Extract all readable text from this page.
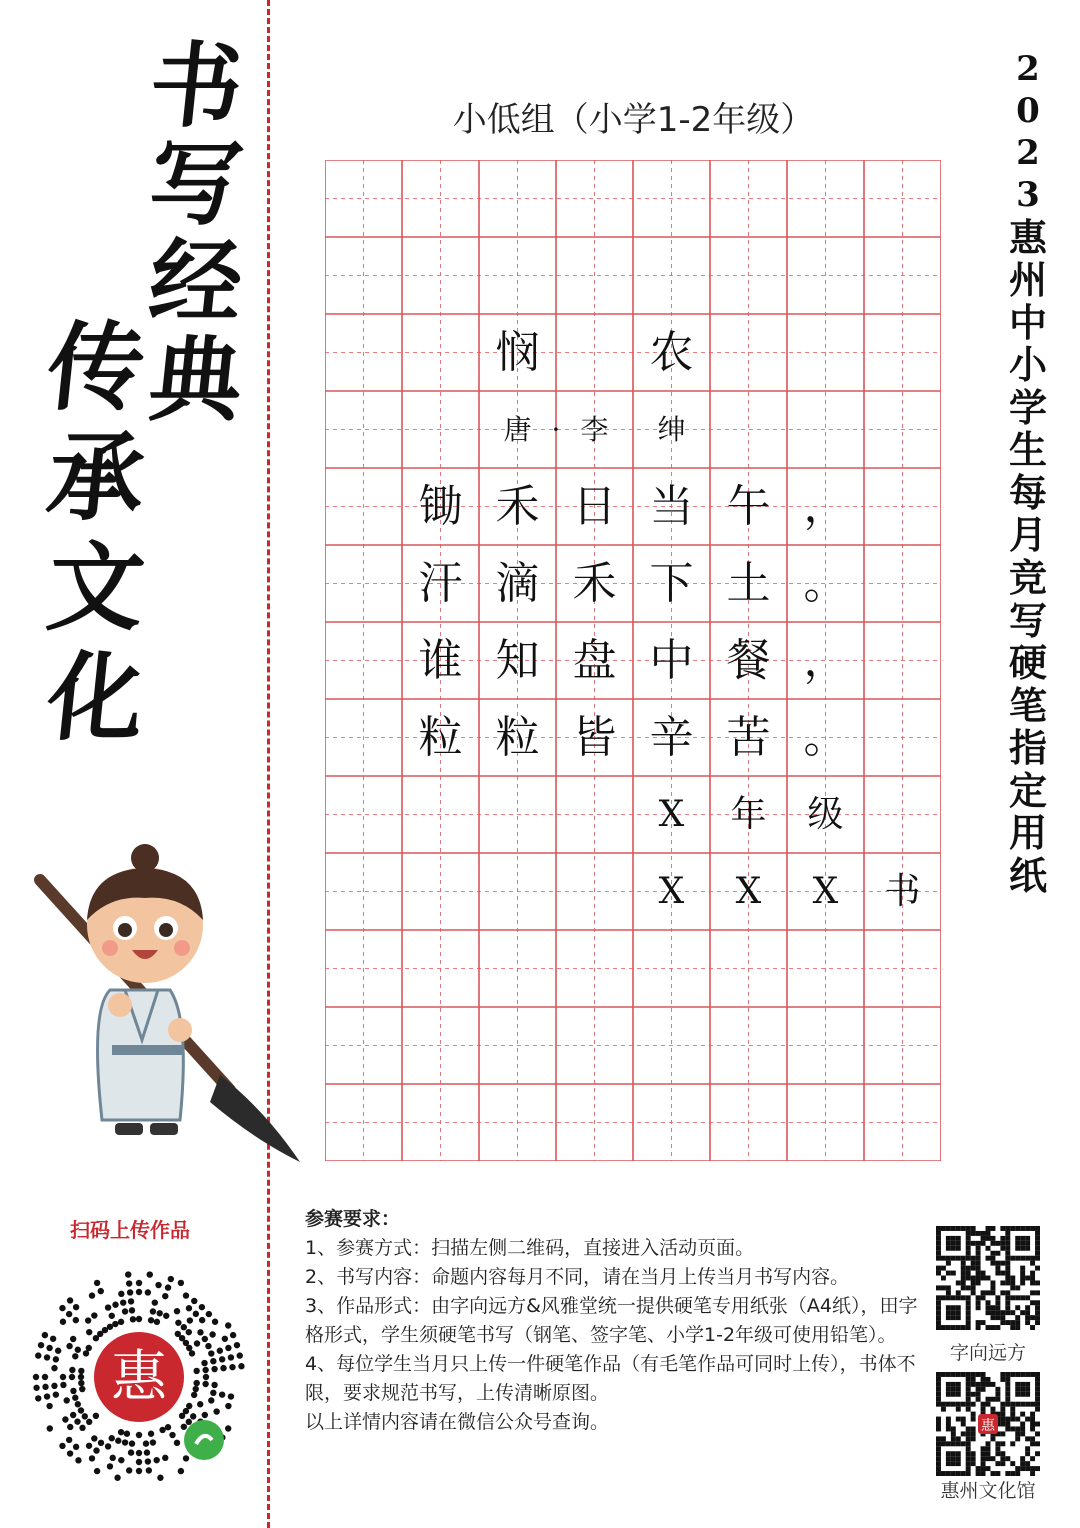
书
写
经
典
传
承
文
化
2
0
2
3
惠
州
中
小
学
生
每
月
竞
写
硬
笔
指
定
用
纸
小低组（小学1-2年级）
悯	农
唐 · 李	绅
锄 禾 日 当 午 ，
汗 滴 禾 下 土 。
谁 知 盘 中 餐 ，
粒 粒 皆 辛 苦 。
X	年	级
X	X	X	书
扫码上传作品
惠
参赛要求：
1、参赛方式：扫描左侧二维码，直接进入活动页面。
2、书写内容：命题内容每月不同，请在当月上传当月书写内容。
3、作品形式：由字向远方&风雅堂统一提供硬笔专用纸张（A4纸），田字格形式，学生须硬笔书写（钢笔、签字笔、小学1-2年级可使用铅笔）。
4、每位学生当月只上传一件硬笔作品（有毛笔作品可同时上传），书体不限，要求规范书写，上传清晰原图。
以上详情内容请在微信公众号查询。
字向远方
惠
惠州文化馆
